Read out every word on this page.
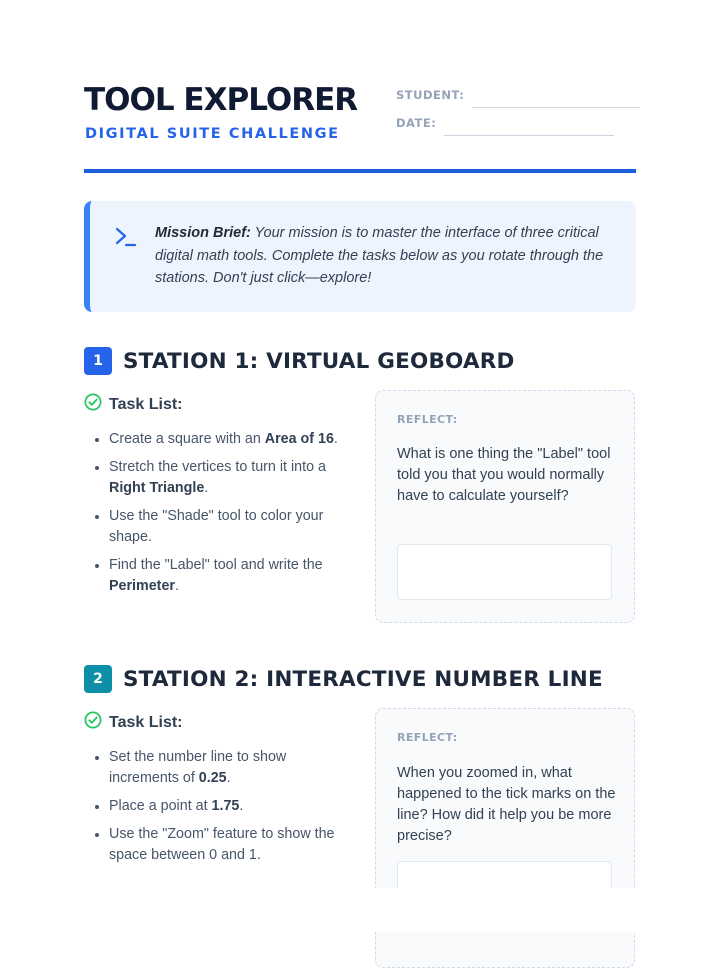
TOOL EXPLORER
DIGITAL SUITE CHALLENGE
STUDENT:
DATE:

Mission Brief: Your mission is to master the interface of three critical digital math tools. Complete the tasks below as you rotate through the stations. Don't just click—explore!

1 STATION 1: VIRTUAL GEOBOARD
Task List:
• Create a square with an Area of 16.
• Stretch the vertices to turn it into a Right Triangle.
• Use the "Shade" tool to color your shape.
• Find the "Label" tool and write the Perimeter.
REFLECT:

What is one thing the "Label" tool told you that you would normally have to calculate yourself?

2 STATION 2: INTERACTIVE NUMBER LINE
Task List:
• Set the number line to show increments of 0.25.
• Place a point at 1.75.
• Use the "Zoom" feature to show the space between 0 and 1.
REFLECT:

When you zoomed in, what happened to the tick marks on the line? How did it help you be more precise?
